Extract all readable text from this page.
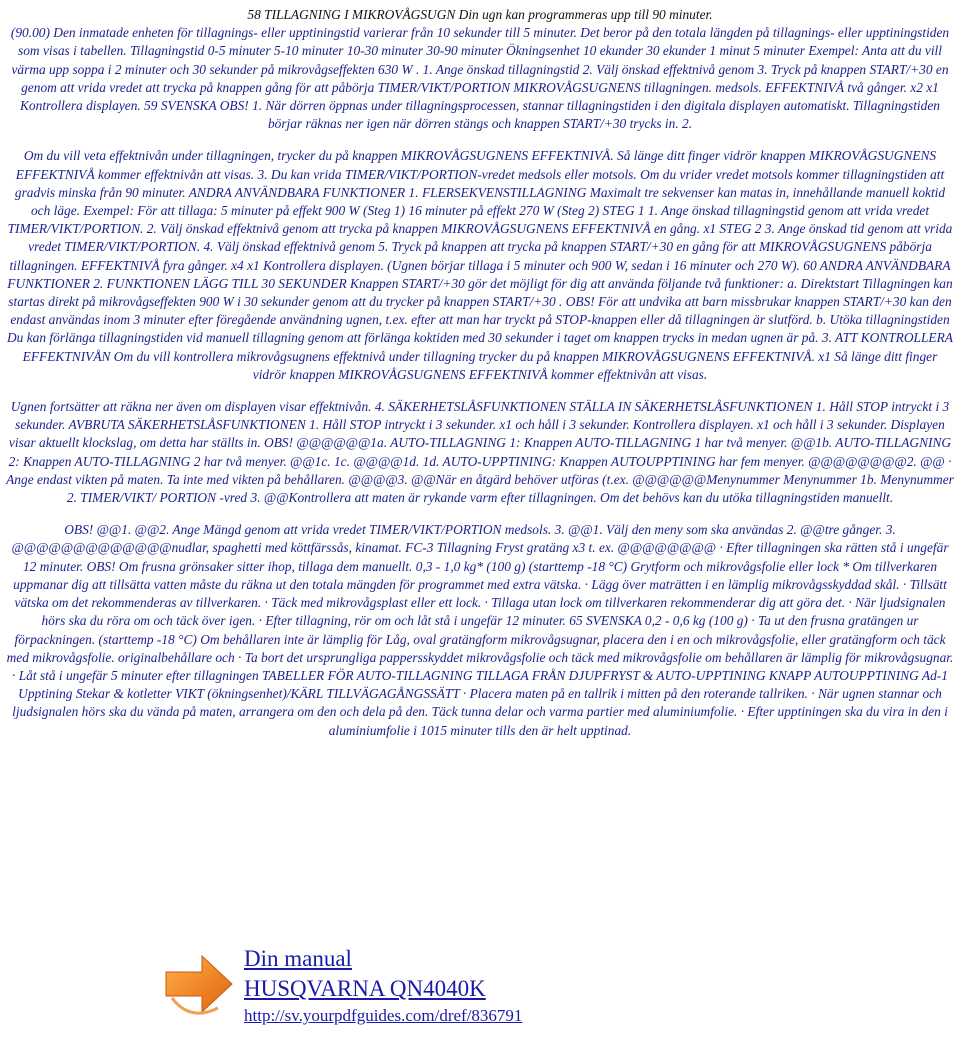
58 TILLAGNING I MIKROVÅGSUGN Din ugn kan programmeras upp till 90 minuter.

(90.00) Den inmatade enheten för tillagnings- eller upptiningstid varierar från 10 sekunder till 5 minuter. Det beror på den totala längden på tillagnings- eller upptiningstiden som visas i tabellen. Tillagningstid 0-5 minuter 5-10 minuter 10-30 minuter 30-90 minuter Ökningsenhet 10 ekunder 30 ekunder 1 minut 5 minuter Exempel: Anta att du vill värma upp soppa i 2 minuter och 30 sekunder på mikrovågseffekten 630 W . 1. Ange önskad tillagningstid 2. Välj önskad effektnivå genom 3. Tryck på knappen START/+30 en genom att vrida vredet att trycka på knappen gång för att påbörja TIMER/VIKT/PORTION MIKROVÅGSUGNENS tillagningen. medsols. EFFEKTNIVÅ två gånger. x2 x1 Kontrollera displayen. 59 SVENSKA OBS! 1. När dörren öppnas under tillagningsprocessen, stannar tillagningstiden i den digitala displayen automatiskt. Tillagningstiden börjar räknas ner igen när dörren stängs och knappen START/+30 trycks in. 2.

Om du vill veta effektnivån under tillagningen, trycker du på knappen MIKROVÅGSUGNENS EFFEKTNIVÅ. Så länge ditt finger vidrör knappen MIKROVÅGSUGNENS EFFEKTNIVÅ kommer effektnivån att visas. 3. Du kan vrida TIMER/VIKT/PORTION-vredet medsols eller motsols. Om du vrider vredet motsols kommer tillagningstiden att gradvis minska från 90 minuter. ANDRA ANVÄNDBARA FUNKTIONER 1. FLERSEKVENSTILLAGNING Maximalt tre sekvenser kan matas in, innehållande manuell koktid och läge. Exempel: För att tillaga: 5 minuter på effekt 900 W (Steg 1) 16 minuter på effekt 270 W (Steg 2) STEG 1 1. Ange önskad tillagningstid genom att vrida vredet TIMER/VIKT/PORTION. 2. Välj önskad effektnivå genom att trycka på knappen MIKROVÅGSUGNENS EFFEKTNIVÅ en gång. x1 STEG 2 3. Ange önskad tid genom att vrida vredet TIMER/VIKT/PORTION. 4. Välj önskad effektnivå genom 5. Tryck på knappen att trycka på knappen START/+30 en gång för att MIKROVÅGSUGNENS påbörja tillagningen. EFFEKTNIVÅ fyra gånger. x4 x1 Kontrollera displayen. (Ugnen börjar tillaga i 5 minuter och 900 W, sedan i 16 minuter och 270 W). 60 ANDRA ANVÄNDBARA FUNKTIONER 2. FUNKTIONEN LÄGG TILL 30 SEKUNDER Knappen START/+30 gör det möjligt för dig att använda följande två funktioner: a. Direktstart Tillagningen kan startas direkt på mikrovågseffekten 900 W i 30 sekunder genom att du trycker på knappen START/+30 . OBS! För att undvika att barn missbrukar knappen START/+30 kan den endast användas inom 3 minuter efter föregående användning ugnen, t.ex. efter att man har tryckt på STOP-knappen eller då tillagningen är slutförd. b. Utöka tillagningstiden Du kan förlänga tillagningstiden vid manuell tillagning genom att förlänga koktiden med 30 sekunder i taget om knappen trycks in medan ugnen är på. 3. ATT KONTROLLERA EFFEKTNIVÅN Om du vill kontrollera mikrovågsugnens effektnivå under tillagning trycker du på knappen MIKROVÅGSUGNENS EFFEKTNIVÅ. x1 Så länge ditt finger vidrör knappen MIKROVÅGSUGNENS EFFEKTNIVÅ kommer effektnivån att visas.

Ugnen fortsätter att räkna ner även om displayen visar effektnivån. 4. SÄKERHETSLÅSFUNKTIONEN STÄLLA IN SÄKERHETSLÅSFUNKTIONEN 1. Håll STOP intryckt i 3 sekunder. AVBRUTA SÄKERHETSLÅSFUNKTIONEN 1. Håll STOP intryckt i 3 sekunder. x1 och håll i 3 sekunder. Kontrollera displayen. x1 och håll i 3 sekunder. Displayen visar aktuellt klockslag, om detta har ställts in. OBS! @@@@@@1a. AUTO-TILLAGNING 1: Knappen AUTO-TILLAGNING 1 har två menyer. @@1b. AUTO-TILLAGNING 2: Knappen AUTO-TILLAGNING 2 har två menyer. @@1c. 1c. @@@@1d. 1d. AUTO-UPPTINING: Knappen AUTOUPPTINING har fem menyer. @@@@@@@@2. @@ · Ange endast vikten på maten. Ta inte med vikten på behållaren. @@@@3. @@När en åtgärd behöver utföras (t.ex. @@@@@@Menynummer Menynummer 1b. Menynummer 2. TIMER/VIKT/ PORTION -vred 3. @@Kontrollera att maten är rykande varm efter tillagningen. Om det behövs kan du utöka tillagningstiden manuellt.

OBS! @@1. @@2. Ange Mängd genom att vrida vredet TIMER/VIKT/PORTION medsols. 3. @@1. Välj den meny som ska användas 2. @@tre gånger. 3. @@@@@@@@@@@@@nudlar, spaghetti med köttfärssås, kinamat. FC-3 Tillagning Fryst gratäng x3 t. ex. @@@@@@@@ · Efter tillagningen ska rätten stå i ungefär 12 minuter. OBS! Om frusna grönsaker sitter ihop, tillaga dem manuellt. 0,3 - 1,0 kg* (100 g) (starttemp -18 °C) Grytform och mikrovågsfolie eller lock * Om tillverkaren uppmanar dig att tillsätta vatten måste du räkna ut den totala mängden för programmet med extra vätska. · Lägg över maträtten i en lämplig mikrovågsskyddad skål. · Tillsätt vätska om det rekommenderas av tillverkaren. · Täck med mikrovågsplast eller ett lock. · Tillaga utan lock om tillverkaren rekommenderar dig att göra det. · När ljudsignalen hörs ska du röra om och täck över igen. · Efter tillagning, rör om och låt stå i ungefär 12 minuter. 65 SVENSKA 0,2 - 0,6 kg (100 g) · Ta ut den frusna gratängen ur förpackningen. (starttemp -18 °C) Om behållaren inte är lämplig för Låg, oval gratängform mikrovågsugnar, placera den i en och mikrovågsfolie, eller gratängform och täck med mikrovågsfolie. originalbehållare och · Ta bort det ursprungliga pappersskyddet mikrovågsfolie och täck med mikrovågsfolie om behållaren är lämplig för mikrovågsugnar. · Låt stå i ungefär 5 minuter efter tillagningen TABELLER FÖR AUTO-TILLAGNING TILLAGA FRÅN DJUPFRYST & AUTO-UPPTINING KNAPP AUTOUPPTINING Ad-1 Upptining Stekar & kotletter VIKT (ökningsenhet)/KÄRL TILLVÄGAGÅNGSSÄTT · Placera maten på en tallrik i mitten på den roterande tallriken. · När ugnen stannar och ljudsignalen hörs ska du vända på maten, arrangera om den och dela på den. Täck tunna delar och varma partier med aluminiumfolie. · Efter upptiningen ska du vira in den i aluminiumfolie i 1015 minuter tills den är helt upptinad.

Din manual
HUSQVARNA QN4040K
http://sv.yourpdfguides.com/dref/836791
